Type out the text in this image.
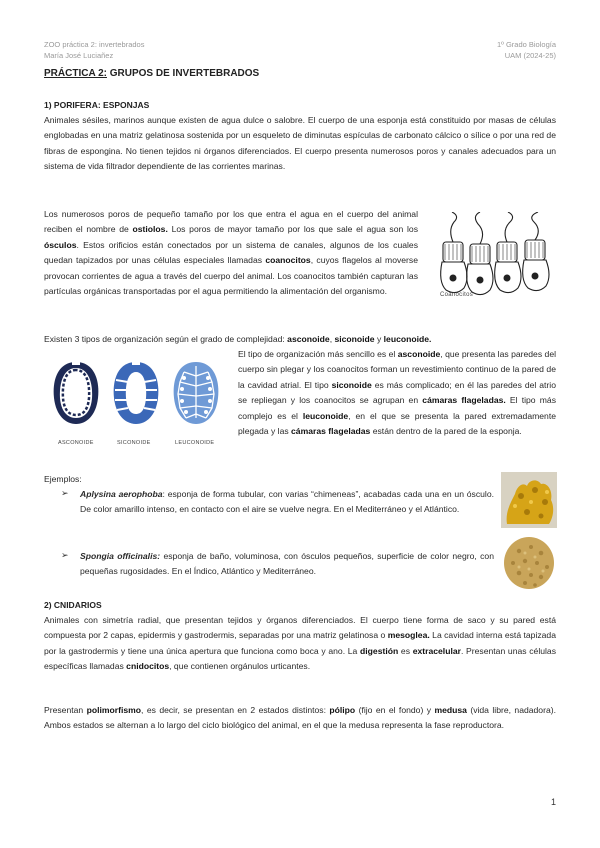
ZOO práctica 2: invertebrados
María José Luciañez
1º Grado Biología
UAM (2024-25)
PRÁCTICA 2: GRUPOS DE INVERTEBRADOS
1) PORIFERA: ESPONJAS
Animales sésiles, marinos aunque existen de agua dulce o salobre. El cuerpo de una esponja está constituido por masas de células englobadas en una matriz gelatinosa sostenida por un esqueleto de diminutas espículas de carbonato cálcico o sílice o por una red de fibras de espongina. No tienen tejidos ni órganos diferenciados. El cuerpo presenta numerosos poros y canales adecuados para un sistema de vida filtrador dependiente de las corrientes marinas.
Los numerosos poros de pequeño tamaño por los que entra el agua en el cuerpo del animal reciben el nombre de ostiolos. Los poros de mayor tamaño por los que sale el agua son los ósculos. Estos orificios están conectados por un sistema de canales, algunos de los cuales quedan tapizados por unas células especiales llamadas coanocitos, cuyos flagelos al moverse provocan corrientes de agua a través del cuerpo del animal. Los coanocitos también capturan las partículas orgánicas transportadas por el agua permitiendo la alimentación del organismo.	Coanocitos
Existen 3 tipos de organización según el grado de complejidad: asconoide, siconoide y leuconoide.
El tipo de organización más sencillo es el asconoide, que presenta las paredes del cuerpo sin plegar y los coanocitos forman un revestimiento continuo de la pared de la cavidad atrial. El tipo siconoide es más complicado; en él las paredes del atrio se repliegan y los coanocitos se agrupan en cámaras flageladas. El tipo más complejo es el leuconoide, en el que se presenta la pared extremadamente plegada y las cámaras flageladas están dentro de la pared de la esponja.
ASCONOIDE	SICONOIDE	LEUCONOIDE
Ejemplos:
➢ Aplysina aerophoba: esponja de forma tubular, con varias “chimeneas”, acabadas cada una en un ósculo. De color amarillo intenso, en contacto con el aire se vuelve negra. En el Mediterráneo y el Atlántico.
➢ Spongia officinalis: esponja de baño, voluminosa, con ósculos pequeños, superficie de color negro, con pequeñas rugosidades. En el Índico, Atlántico y Mediterráneo.
2) CNIDARIOS
Animales con simetría radial, que presentan tejidos y órganos diferenciados. El cuerpo tiene forma de saco y su pared está compuesta por 2 capas, epidermis y gastrodermis, separadas por una matriz gelatinosa o mesoglea. La cavidad interna está tapizada por la gastrodermis y tiene una única apertura que funciona como boca y ano. La digestión es extracelular. Presentan unas células específicas llamadas cnidocitos, que contienen orgánulos urticantes.
Presentan polimorfismo, es decir, se presentan en 2 estados distintos: pólipo (fijo en el fondo) y medusa (vida libre, nadadora). Ambos estados se alternan a lo largo del ciclo biológico del animal, en el que la medusa representa la fase reproductora.
1
